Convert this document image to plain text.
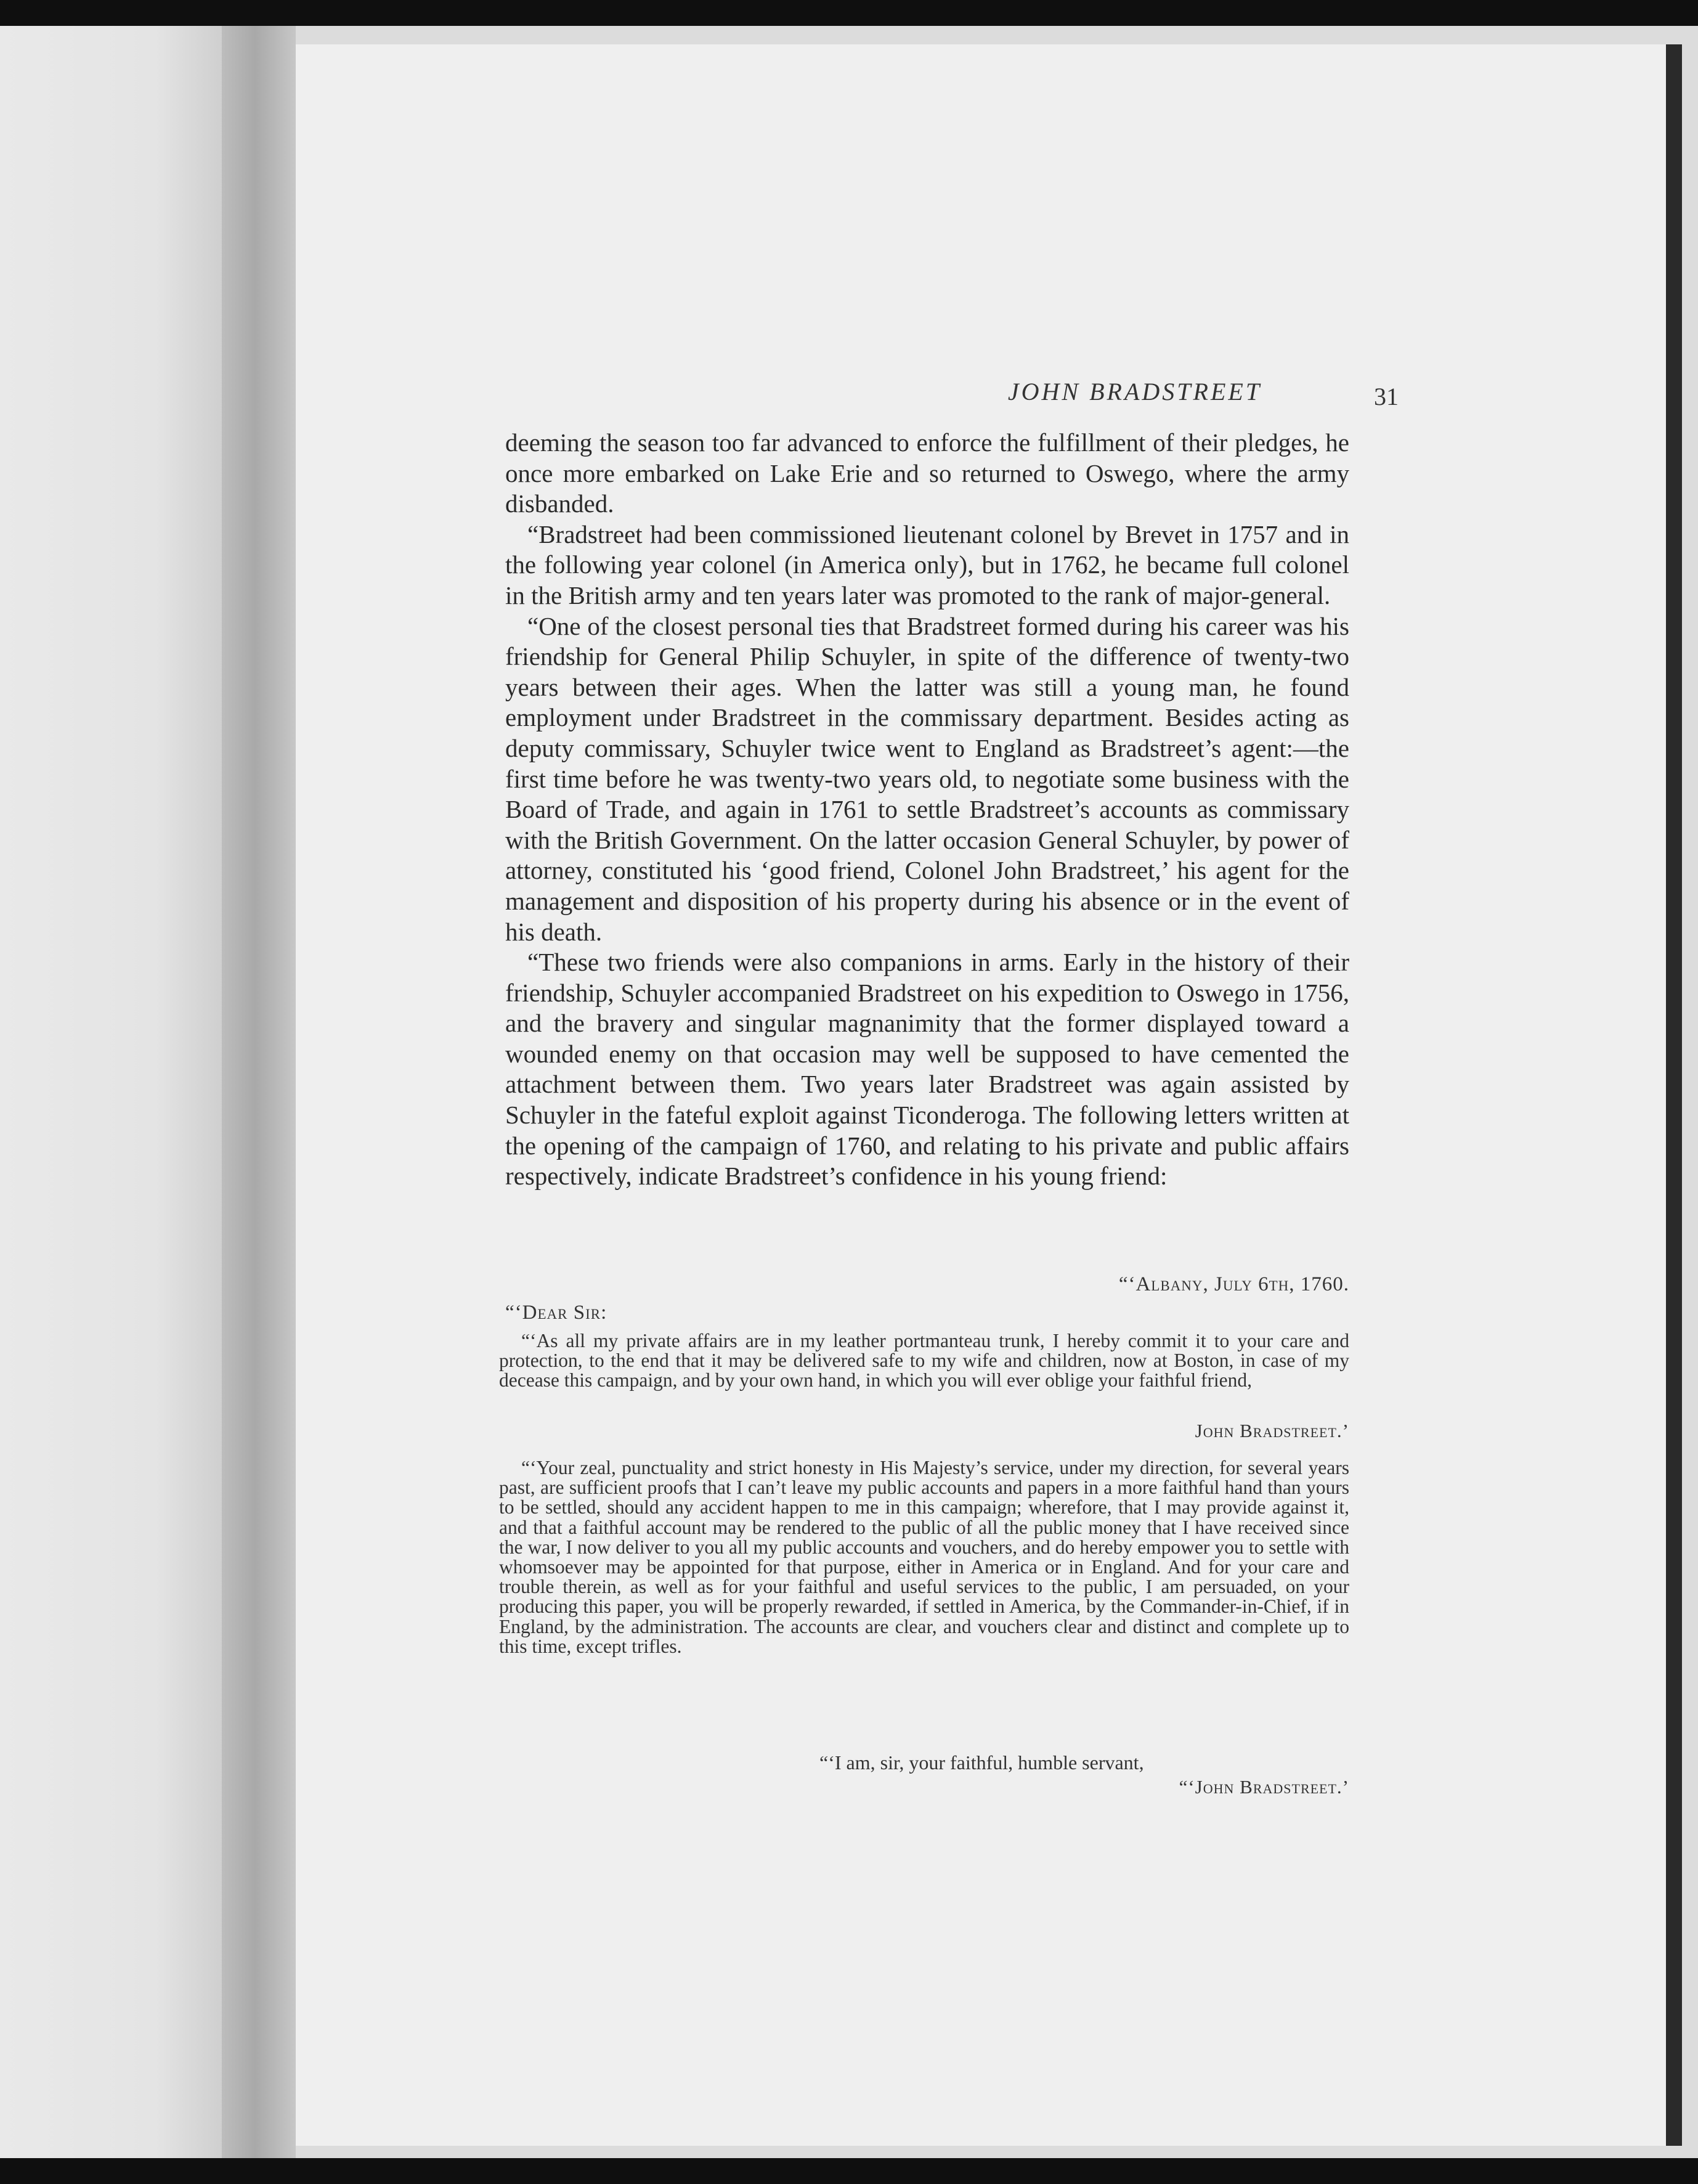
JOHN BRADSTREET	31

deeming the season too far advanced to enforce the fulfillment of their pledges, he once more embarked on Lake Erie and so returned to Oswego, where the army disbanded.

“Bradstreet had been commissioned lieutenant colonel by Brevet in 1757 and in the following year colonel (in America only), but in 1762, he became full colonel in the British army and ten years later was promoted to the rank of major-general.

“One of the closest personal ties that Bradstreet formed during his career was his friendship for General Philip Schuyler, in spite of the difference of twenty-two years between their ages. When the latter was still a young man, he found employment under Bradstreet in the commissary department. Besides acting as deputy commissary, Schuyler twice went to England as Bradstreet’s agent:—the first time before he was twenty-two years old, to negotiate some business with the Board of Trade, and again in 1761 to settle Bradstreet’s accounts as commissary with the British Government. On the latter occasion General Schuyler, by power of attorney, constituted his ‘good friend, Colonel John Bradstreet,’ his agent for the management and disposition of his property during his absence or in the event of his death.

“These two friends were also companions in arms. Early in the history of their friendship, Schuyler accompanied Bradstreet on his expedition to Oswego in 1756, and the bravery and singular magnanimity that the former displayed toward a wounded enemy on that occasion may well be supposed to have cemented the attachment between them. Two years later Bradstreet was again assisted by Schuyler in the fateful exploit against Ticonderoga. The following letters written at the opening of the campaign of 1760, and relating to his private and public affairs respectively, indicate Bradstreet’s confidence in his young friend:

“‘Albany, July 6th, 1760.
“‘Dear Sir:

“‘As all my private affairs are in my leather portmanteau trunk, I hereby commit it to your care and protection, to the end that it may be delivered safe to my wife and children, now at Boston, in case of my decease this campaign, and by your own hand, in which you will ever oblige your faithful friend,

John Bradstreet.’

“‘Your zeal, punctuality and strict honesty in His Majesty’s service, under my direction, for several years past, are sufficient proofs that I can’t leave my public accounts and papers in a more faithful hand than yours to be settled, should any accident happen to me in this campaign; wherefore, that I may provide against it, and that a faithful account may be rendered to the public of all the public money that I have received since the war, I now deliver to you all my public accounts and vouchers, and do hereby empower you to settle with whomsoever may be appointed for that purpose, either in America or in England. And for your care and trouble therein, as well as for your faithful and useful services to the public, I am persuaded, on your producing this paper, you will be properly rewarded, if settled in America, by the Commander-in-Chief, if in England, by the administration. The accounts are clear, and vouchers clear and distinct and complete up to this time, except trifles.

“‘I am, sir, your faithful, humble servant,
“‘John Bradstreet.’
